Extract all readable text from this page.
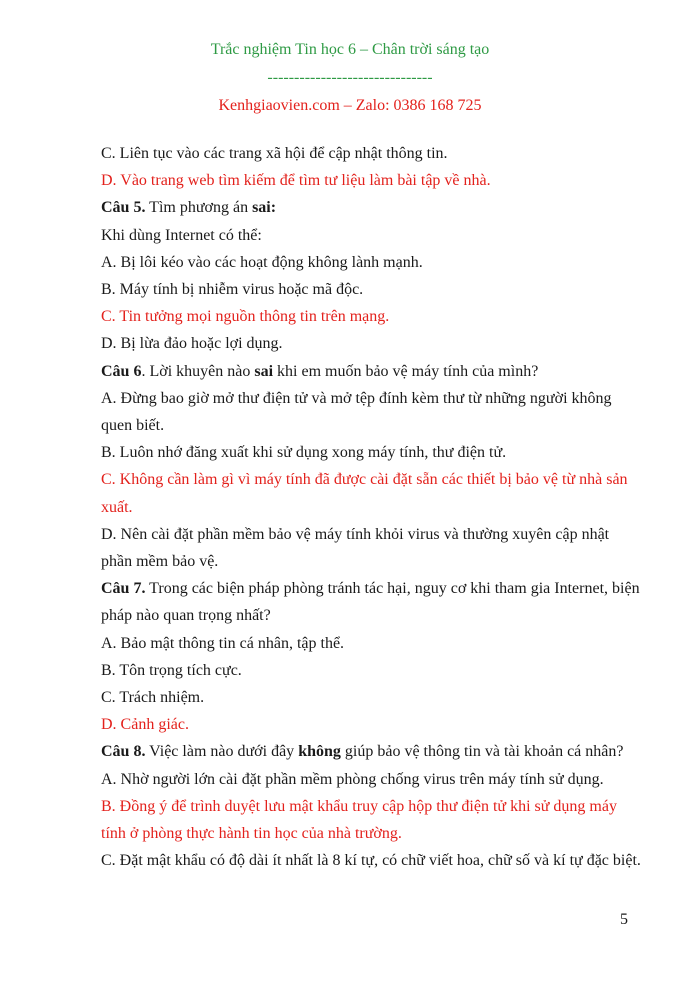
Trắc nghiệm Tin học 6 – Chân trời sáng tạo
-------------------------------
Kenhgiaovien.com – Zalo: 0386 168 725

C. Liên tục vào các trang xã hội để cập nhật thông tin.

D. Vào trang web tìm kiếm để tìm tư liệu làm bài tập về nhà.

Câu 5. Tìm phương án sai:

Khi dùng Internet có thể:

A. Bị lôi kéo vào các hoạt động không lành mạnh.

B. Máy tính bị nhiễm virus hoặc mã độc.

C. Tin tưởng mọi nguồn thông tin trên mạng.

D. Bị lừa đảo hoặc lợi dụng.

Câu 6. Lời khuyên nào sai khi em muốn bảo vệ máy tính của mình?

A. Đừng bao giờ mở thư điện tử và mở tệp đính kèm thư từ những người không quen biết.

B. Luôn nhớ đăng xuất khi sử dụng xong máy tính, thư điện tử.

C. Không cần làm gì vì máy tính đã được cài đặt sẵn các thiết bị bảo vệ từ nhà sản xuất.

D. Nên cài đặt phần mềm bảo vệ máy tính khỏi virus và thường xuyên cập nhật phần mềm bảo vệ.

Câu 7. Trong các biện pháp phòng tránh tác hại, nguy cơ khi tham gia Internet, biện pháp nào quan trọng nhất?

A. Bảo mật thông tin cá nhân, tập thể.

B. Tôn trọng tích cực.

C. Trách nhiệm.

D. Cảnh giác.

Câu 8. Việc làm nào dưới đây không giúp bảo vệ thông tin và tài khoản cá nhân?

A. Nhờ người lớn cài đặt phần mềm phòng chống virus trên máy tính sử dụng.

B. Đồng ý để trình duyệt lưu mật khẩu truy cập hộp thư điện tử khi sử dụng máy tính ở phòng thực hành tin học của nhà trường.

C. Đặt mật khẩu có độ dài ít nhất là 8 kí tự, có chữ viết hoa, chữ số và kí tự đặc biệt.

5
